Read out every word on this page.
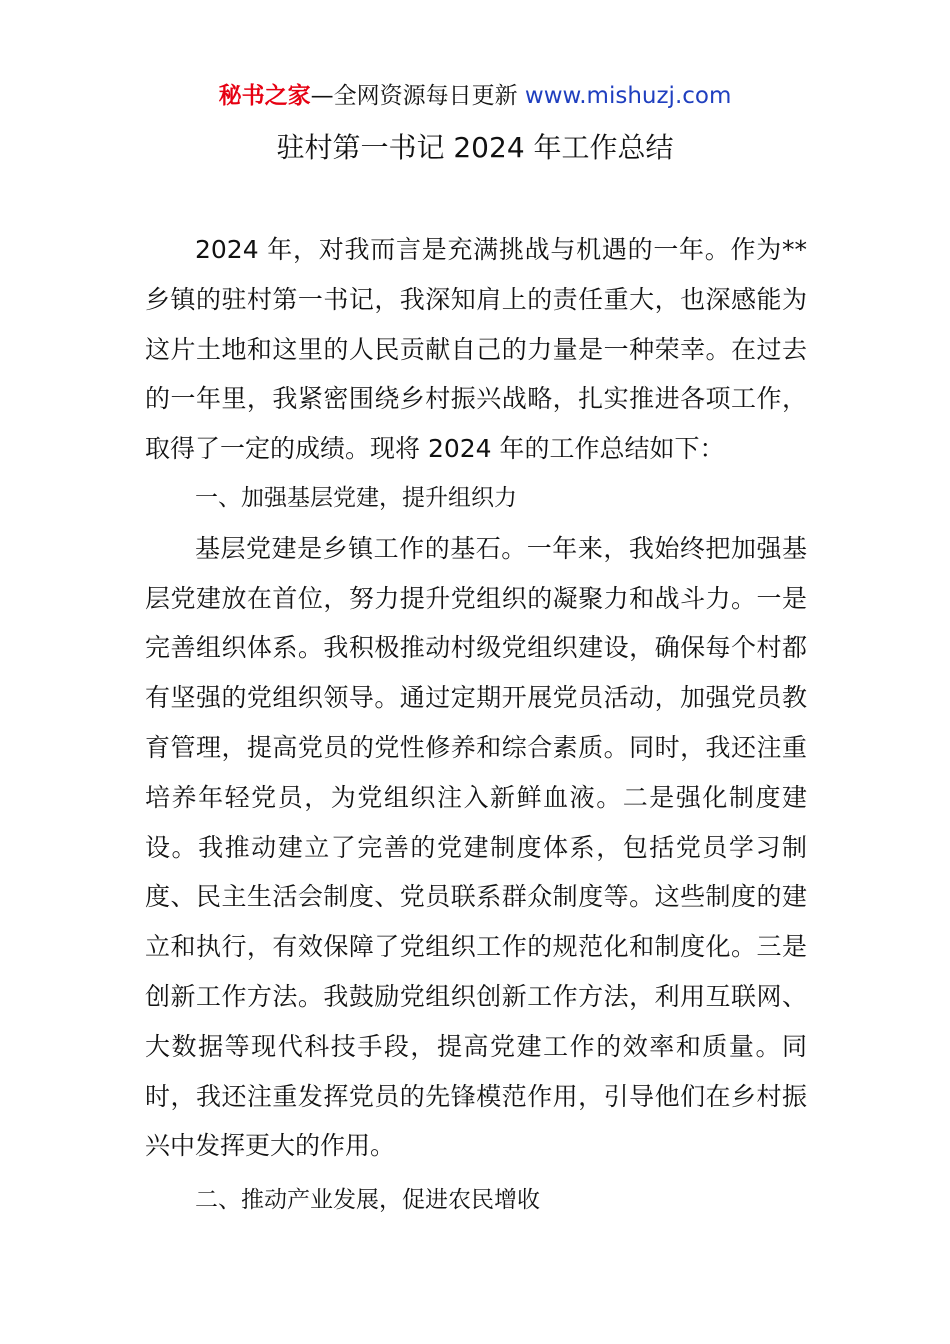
秘书之家—全网资源每日更新 www.mishuzj.com
驻村第一书记 2024 年工作总结

2024 年，对我而言是充满挑战与机遇的一年。作为**乡镇的驻村第一书记，我深知肩上的责任重大，也深感能为这片土地和这里的人民贡献自己的力量是一种荣幸。在过去的一年里，我紧密围绕乡村振兴战略，扎实推进各项工作，取得了一定的成绩。现将 2024 年的工作总结如下：

一、加强基层党建，提升组织力

基层党建是乡镇工作的基石。一年来，我始终把加强基层党建放在首位，努力提升党组织的凝聚力和战斗力。一是完善组织体系。我积极推动村级党组织建设，确保每个村都有坚强的党组织领导。通过定期开展党员活动，加强党员教育管理，提高党员的党性修养和综合素质。同时，我还注重培养年轻党员，为党组织注入新鲜血液。二是强化制度建设。我推动建立了完善的党建制度体系，包括党员学习制度、民主生活会制度、党员联系群众制度等。这些制度的建立和执行，有效保障了党组织工作的规范化和制度化。三是创新工作方法。我鼓励党组织创新工作方法，利用互联网、大数据等现代科技手段，提高党建工作的效率和质量。同时，我还注重发挥党员的先锋模范作用，引导他们在乡村振兴中发挥更大的作用。

二、推动产业发展，促进农民增收
